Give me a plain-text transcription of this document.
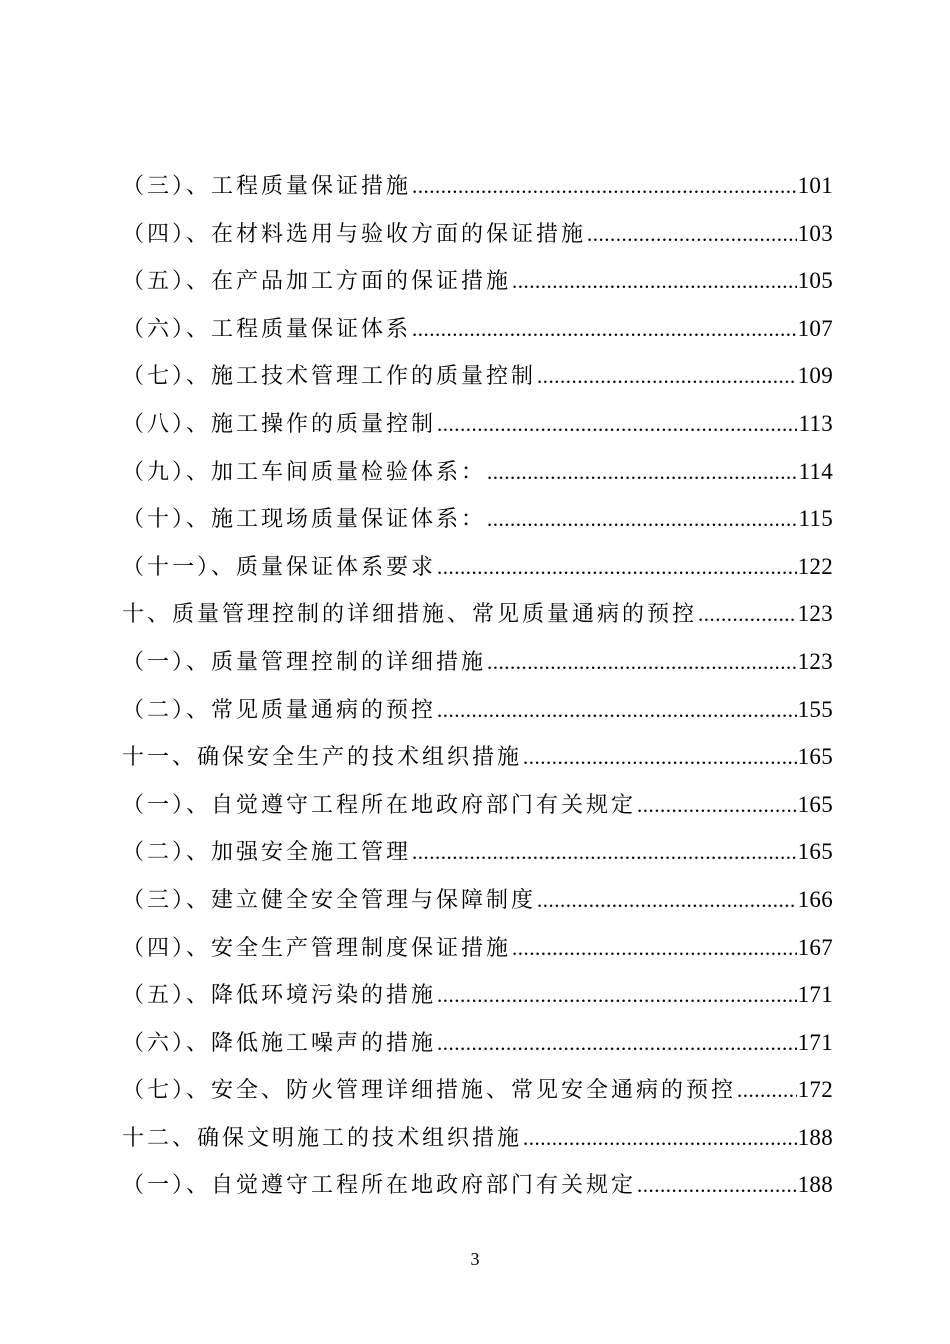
（三）、工程质量保证措施 .....	101
（四）、在材料选用与验收方面的保证措施 .....	103
（五）、在产品加工方面的保证措施 .....	105
（六）、工程质量保证体系 .....	107
（七）、施工技术管理工作的质量控制 .....	109
（八）、施工操作的质量控制 .....	113
（九）、加工车间质量检验体系： .....	114
（十）、施工现场质量保证体系： .....	115
（十一）、质量保证体系要求 .....	122
十、质量管理控制的详细措施、常见质量通病的预控 .....	123
（一）、质量管理控制的详细措施 .....	123
（二）、常见质量通病的预控 .....	155
十一、确保安全生产的技术组织措施 .....	165
（一）、自觉遵守工程所在地政府部门有关规定 .....	165
（二）、加强安全施工管理 .....	165
（三）、建立健全安全管理与保障制度 .....	166
（四）、安全生产管理制度保证措施 .....	167
（五）、降低环境污染的措施 .....	171
（六）、降低施工噪声的措施 .....	171
（七）、安全、防火管理详细措施、常见安全通病的预控 .....	172
十二、确保文明施工的技术组织措施 .....	188
（一）、自觉遵守工程所在地政府部门有关规定 .....	188
3
